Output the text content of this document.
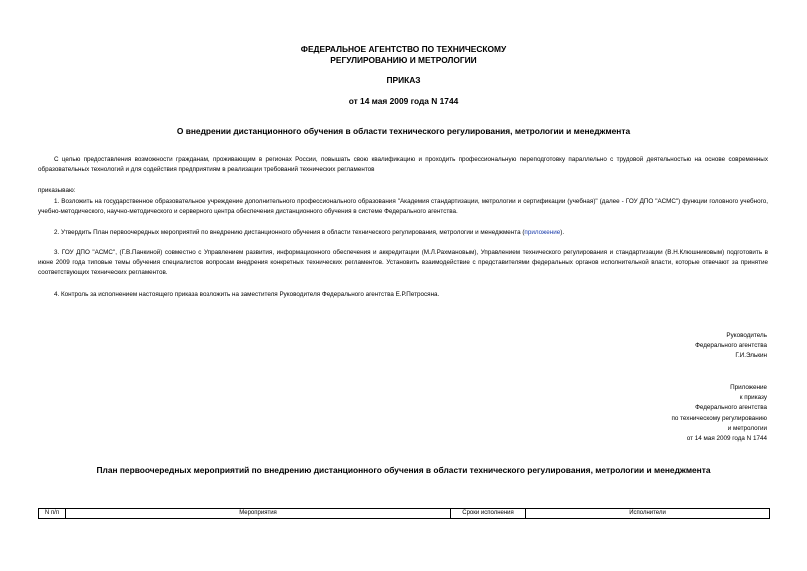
ФЕДЕРАЛЬНОЕ АГЕНТСТВО ПО ТЕХНИЧЕСКОМУ
РЕГУЛИРОВАНИЮ И МЕТРОЛОГИИ
ПРИКАЗ
от 14 мая 2009 года N 1744
О внедрении дистанционного обучения в области технического регулирования, метрологии и менеджмента

С целью предоставления возможности гражданам, проживающим в регионах России, повышать свою квалификацию и проходить профессиональную переподготовку параллельно с трудовой деятельностью на основе современных образовательных технологий и для содействия предприятиям в реализации требований технических регламентов

приказываю:

1. Возложить на государственное образовательное учреждение дополнительного профессионального образования "Академия стандартизации, метрологии и сертификации (учебная)" (далее - ГОУ ДПО "АСМС") функции головного учебного, учебно-методического, научно-методического и серверного центра обеспечения дистанционного обучения в системе Федерального агентства.

2. Утвердить План первоочередных мероприятий по внедрению дистанционного обучения в области технического регулирования, метрологии и менеджмента (приложение).

3. ГОУ ДПО "АСМС", (Г.В.Панкиной) совместно с Управлением развития, информационного обеспечения и аккредитации (М.Л.Рахмановым), Управлением технического регулирования и стандартизации (В.Н.Клюшниковым) подготовить в июне 2009 года типовые темы обучения специалистов вопросам внедрения конкретных технических регламентов. Установить взаимодействие с представителями федеральных органов исполнительной власти, которые отвечают за принятие соответствующих технических регламентов.

4. Контроль за исполнением настоящего приказа возложить на заместителя Руководителя Федерального агентства Е.Р.Петросяна.

Руководитель
Федерального агентства
Г.И.Элькин
Приложение
к приказу
Федерального агентства
по техническому регулированию
и метрологии
от 14 мая 2009 года N 1744
План первоочередных мероприятий по внедрению дистанционного обучения в области технического регулирования, метрологии и менеджмента
N п/п	Мероприятия	Сроки исполнения	Исполнители
